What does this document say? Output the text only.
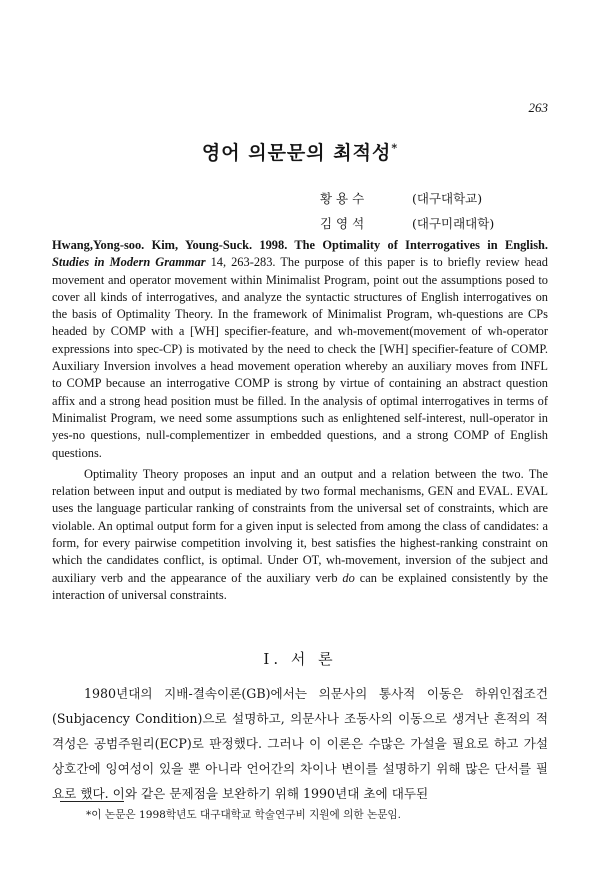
263
영어 의문문의 최적성*
황 용 수	(대구대학교)
김 영 석	(대구미래대학)

Hwang,Yong-soo. Kim, Young-Suck. 1998. The Optimality of Interrogatives in English. Studies in Modern Grammar 14, 263-283. The purpose of this paper is to briefly review head movement and operator movement within Minimalist Program, point out the assumptions posed to cover all kinds of interrogatives, and analyze the syntactic structures of English interrogatives on the basis of Optimality Theory. In the framework of Minimalist Program, wh-questions are CPs headed by COMP with a [WH] specifier-feature, and wh-movement(movement of wh-operator expressions into spec-CP) is motivated by the need to check the [WH] specifier-feature of COMP. Auxiliary Inversion involves a head movement operation whereby an auxiliary moves from INFL to COMP because an interrogative COMP is strong by virtue of containing an abstract question affix and a strong head position must be filled. In the analysis of optimal interrogatives in terms of Minimalist Program, we need some assumptions such as enlightened self-interest, null-operator in yes-no questions, null-complementizer in embedded questions, and a strong COMP of English questions.

Optimality Theory proposes an input and an output and a relation between the two. The relation between input and output is mediated by two formal mechanisms, GEN and EVAL. EVAL uses the language particular ranking of constraints from the universal set of constraints, which are violable. An optimal output form for a given input is selected from among the class of candidates: a form, for every pairwise competition involving it, best satisfies the highest-ranking constraint on which the candidates conflict, is optimal. Under OT, wh-movement, inversion of the subject and auxiliary verb and the appearance of the auxiliary verb do can be explained consistently by the interaction of universal constraints.

I. 서 론

1980년대의 지배-결속이론(GB)에서는 의문사의 통사적 이동은 하위인접조건(Subjacency Condition)으로 설명하고, 의문사나 조동사의 이동으로 생겨난 흔적의 적격성은 공범주원리(ECP)로 판정했다. 그러나 이 이론은 수많은 가설을 필요로 하고 가설 상호간에 잉여성이 있을 뿐 아니라 언어간의 차이나 변이를 설명하기 위해 많은 단서를 필요로 했다. 이와 같은 문제점을 보완하기 위해 1990년대 초에 대두된

*이 논문은 1998학년도 대구대학교 학술연구비 지원에 의한 논문임.
